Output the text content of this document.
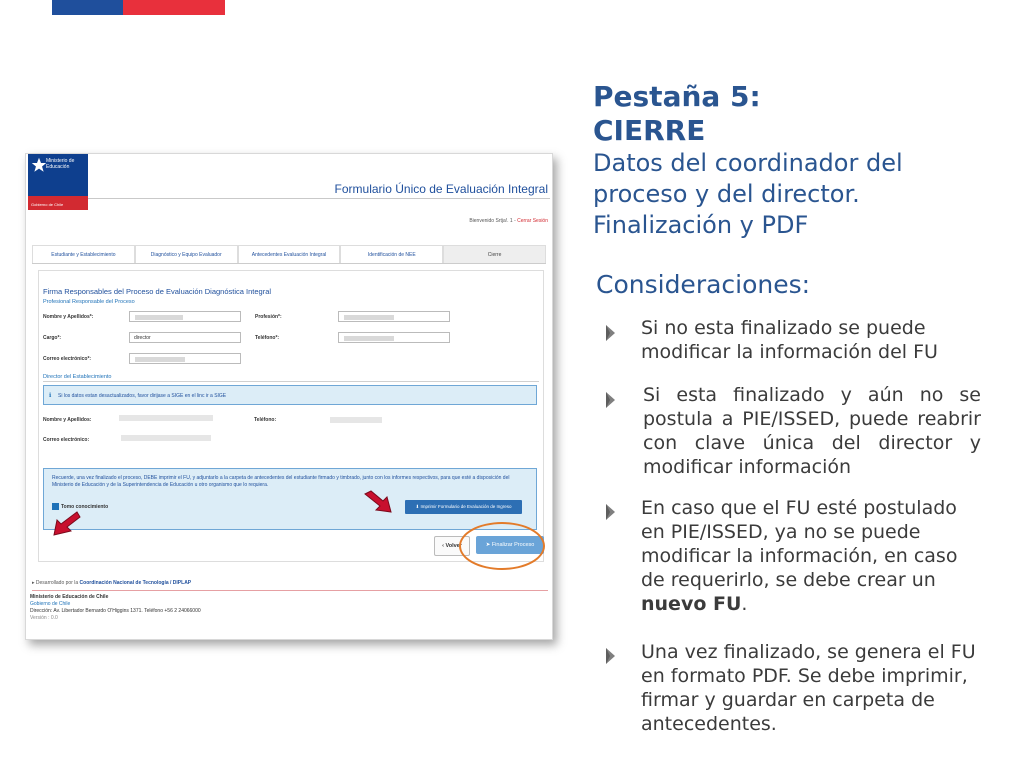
Ministerio de
Educación
Gobierno de Chile
Formulario Único de Evaluación Integral
Bienvenido Srtja!. 1 - Cerrar Sesión
Estudiante y Establecimiento	Diagnóstico y Equipo Evaluador	Antecedentes Evaluación Integral	Identificación de NEE	Cierre
Firma Responsables del Proceso de Evaluación Diagnóstica Integral
Profesional Responsable del Proceso
Nombre y Apellidos*:	Profesión*:
Cargo*:	director	Teléfono*:
Correo electrónico*:
Director del Establecimiento
ℹ Si los datos estan desactualizados, favor dirijase a SIGE en el linc ir a SIGE
Nombre y Apellidos:	Teléfono:
Correo electrónico:
Recuerde, una vez finalizado el proceso, DEBE imprimir el FU, y adjuntarlo a la carpeta de antecedentes del estudiante firmado y timbrado, junto con los informes respectivos, para que esté a disposición del Ministerio de Educación y de la Superintendencia de Educación u otro organismo que lo requiera.
Tomo conocimiento	⬇ Imprimir Formulario de Evaluación de Ingreso
‹ Volver	➤ Finalizar Proceso
▸ Desarrollado por la Coordinación Nacional de Tecnología / DIPLAP
Ministerio de Educación de Chile
Gobierno de Chile
Dirección: Av. Libertador Bernardo O'Higgins 1371. Teléfono +56 2 24066000
Versión : 0.0
Pestaña 5:
CIERRE
Datos del coordinador del
proceso y del director.
Finalización y PDF
Consideraciones:
Si no esta finalizado se puede modificar la información del FU
Si esta finalizado y aún no se postula a PIE/ISSED, puede reabrir con clave única del director y modificar información
En caso que el FU esté postulado en PIE/ISSED, ya no se puede modificar la información, en caso de requerirlo, se debe crear un nuevo FU.
Una vez finalizado, se genera el FU en formato PDF. Se debe imprimir, firmar y guardar en carpeta de antecedentes.
